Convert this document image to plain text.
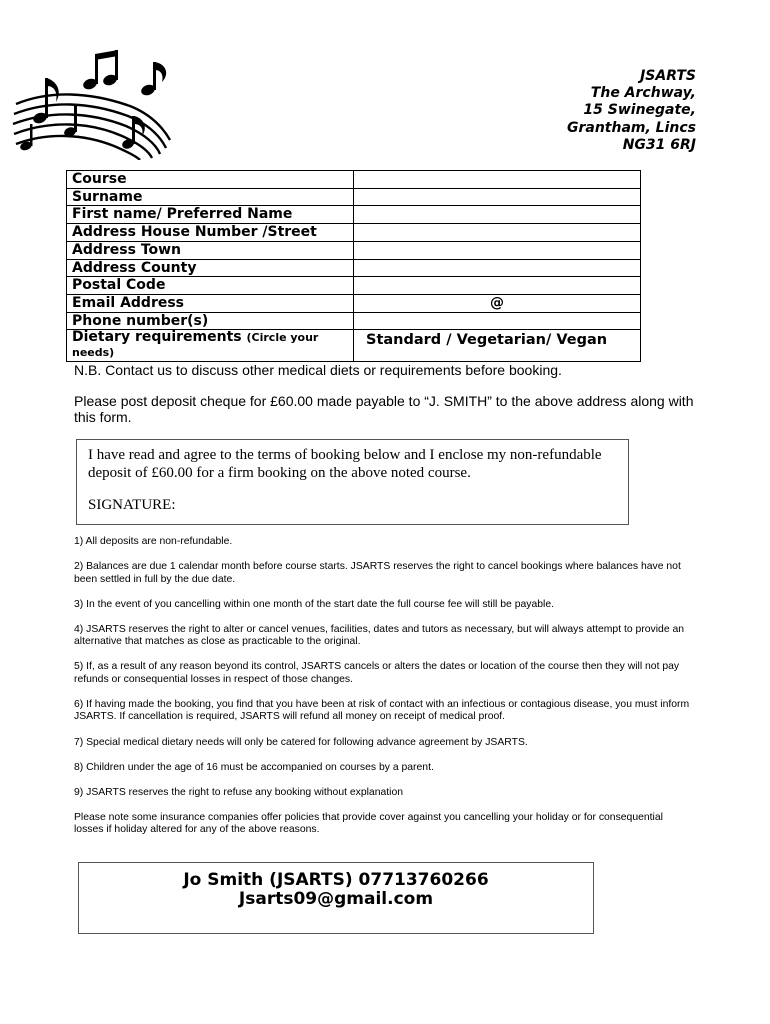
JSARTS
The Archway,
15 Swinegate,
Grantham, Lincs
NG31 6RJ
Course	
Surname	
First name/ Preferred Name	
Address House Number /Street	
Address Town	
Address County	
Postal Code	
Email Address	@
Phone number(s)	
Dietary requirements (Circle your needs)	Standard / Vegetarian/ Vegan
N.B. Contact us to discuss other medical diets or requirements before booking.
Please post deposit cheque for £60.00 made payable to “J. SMITH” to the above address along with this form.
I have read and agree to the terms of booking below and I enclose my non-refundable deposit of £60.00 for a firm booking on the above noted course.
SIGNATURE:

1) All deposits are non-refundable.

2) Balances are due 1 calendar month before course starts. JSARTS reserves the right to cancel bookings where balances have not been settled in full by the due date.

3) In the event of you cancelling within one month of the start date the full course fee will still be payable.

4) JSARTS reserves the right to alter or cancel venues, facilities, dates and tutors as necessary, but will always attempt to provide an alternative that matches as close as practicable to the original.

5) If, as a result of any reason beyond its control, JSARTS cancels or alters the dates or location of the course then they will not pay refunds or consequential losses in respect of those changes.

6) If having made the booking, you find that you have been at risk of contact with an infectious or contagious disease, you must inform JSARTS. If cancellation is required, JSARTS will refund all money on receipt of medical proof.

7) Special medical dietary needs will only be catered for following advance agreement by JSARTS.

8) Children under the age of 16 must be accompanied on courses by a parent.

9) JSARTS reserves the right to refuse any booking without explanation

Please note some insurance companies offer policies that provide cover against you cancelling your holiday or for consequential losses if holiday altered for any of the above reasons.

Jo Smith (JSARTS) 07713760266
Jsarts09@gmail.com
